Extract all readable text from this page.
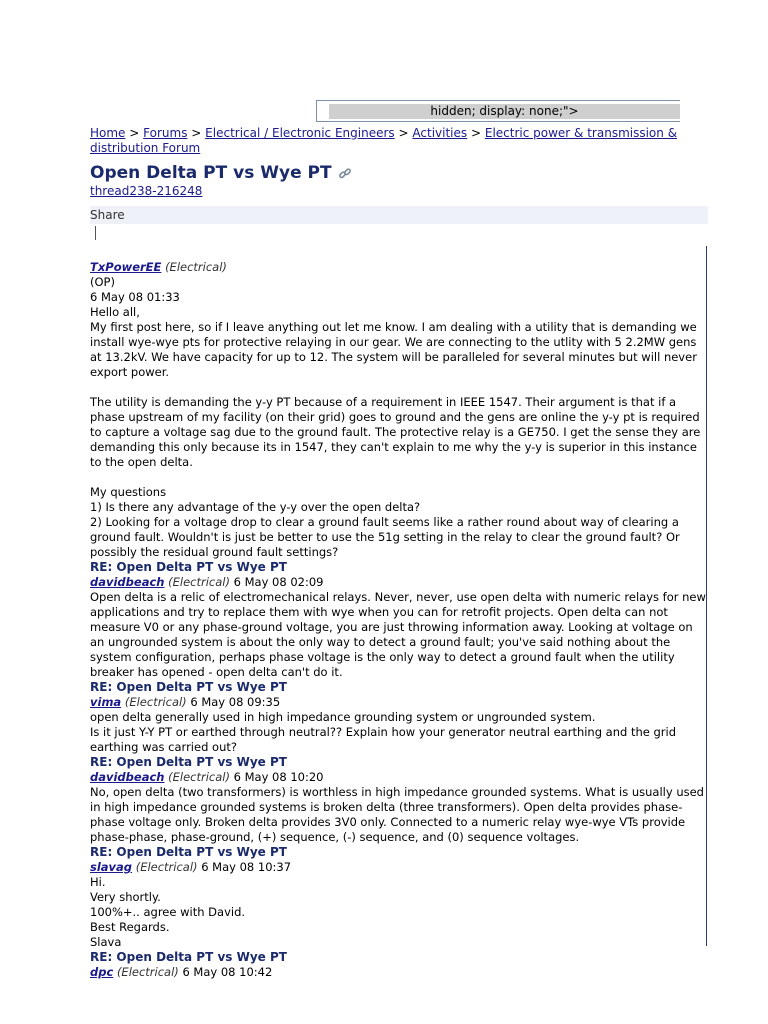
hidden; display: none;">

Home > Forums > Electrical / Electronic Engineers > Activities > Electric power & transmission & distribution Forum

Open Delta PT vs Wye PT
thread238-216248
Share
TxPowerEE (Electrical)
(OP)
6 May 08 01:33

Hello all,

My first post here, so if I leave anything out let me know. I am dealing with a utility that is demanding we install wye-wye pts for protective relaying in our gear. We are connecting to the utlity with 5 2.2MW gens at 13.2kV. We have capacity for up to 12. The system will be paralleled for several minutes but will never export power.

The utility is demanding the y-y PT because of a requirement in IEEE 1547. Their argument is that if a phase upstream of my facility (on their grid) goes to ground and the gens are online the y-y pt is required to capture a voltage sag due to the ground fault. The protective relay is a GE750. I get the sense they are demanding this only because its in 1547, they can't explain to me why the y-y is superior in this instance to the open delta.

My questions

1) Is there any advantage of the y-y over the open delta?

2) Looking for a voltage drop to clear a ground fault seems like a rather round about way of clearing a ground fault. Wouldn't is just be better to use the 51g setting in the relay to clear the ground fault? Or possibly the residual ground fault settings?

RE: Open Delta PT vs Wye PT
davidbeach (Electrical) 6 May 08 02:09

Open delta is a relic of electromechanical relays. Never, never, use open delta with numeric relays for new applications and try to replace them with wye when you can for retrofit projects. Open delta can not measure V0 or any phase-ground voltage, you are just throwing information away. Looking at voltage on an ungrounded system is about the only way to detect a ground fault; you've said nothing about the system configuration, perhaps phase voltage is the only way to detect a ground fault when the utility breaker has opened - open delta can't do it.

RE: Open Delta PT vs Wye PT
vima (Electrical) 6 May 08 09:35

open delta generally used in high impedance grounding system or ungrounded system.

Is it just Y-Y PT or earthed through neutral?? Explain how your generator neutral earthing and the grid earthing was carried out?

RE: Open Delta PT vs Wye PT
davidbeach (Electrical) 6 May 08 10:20

No, open delta (two transformers) is worthless in high impedance grounded systems. What is usually used in high impedance grounded systems is broken delta (three transformers). Open delta provides phase-phase voltage only. Broken delta provides 3V0 only. Connected to a numeric relay wye-wye VTs provide phase-phase, phase-ground, (+) sequence, (-) sequence, and (0) sequence voltages.

RE: Open Delta PT vs Wye PT
slavag (Electrical) 6 May 08 10:37

Hi.

Very shortly.

100%+.. agree with David.

Best Regards.

Slava

RE: Open Delta PT vs Wye PT
dpc (Electrical) 6 May 08 10:42
